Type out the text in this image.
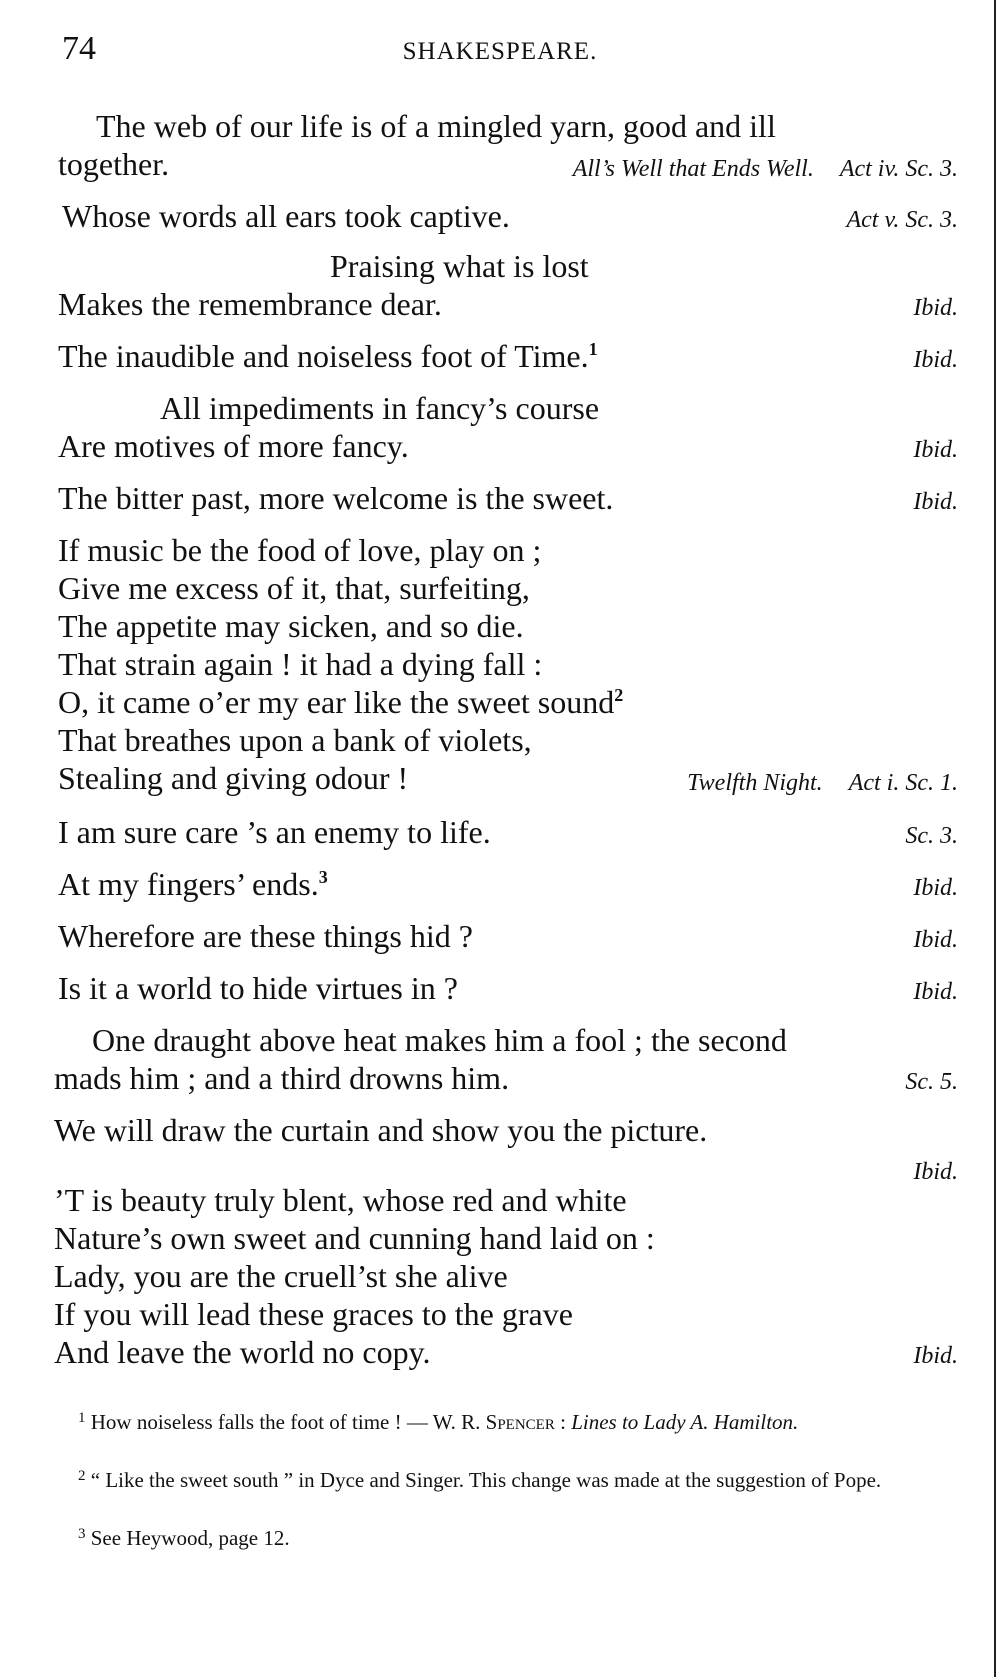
74	SHAKESPEARE.
The web of our life is of a mingled yarn, good and ill
together.	All’s Well that Ends Well. Act iv. Sc. 3.
Whose words all ears took captive.	Act v. Sc. 3.
Praising what is lost
Makes the remembrance dear.	Ibid.
The inaudible and noiseless foot of Time.$^1$	Ibid.
All impediments in fancy’s course
Are motives of more fancy.	Ibid.
The bitter past, more welcome is the sweet.	Ibid.
If music be the food of love, play on ;
Give me excess of it, that, surfeiting,
The appetite may sicken, and so die.
That strain again ! it had a dying fall :
O, it came o’er my ear like the sweet sound$^2$
That breathes upon a bank of violets,
Stealing and giving odour !	Twelfth Night. Act i. Sc. 1.
I am sure care ’s an enemy to life.	Sc. 3.
At my fingers’ ends.$^3$	Ibid.
Wherefore are these things hid ?	Ibid.
Is it a world to hide virtues in ?	Ibid.
One draught above heat makes him a fool ; the second
mads him ; and a third drowns him.	Sc. 5.
We will draw the curtain and show you the picture.
Ibid.
’T is beauty truly blent, whose red and white
Nature’s own sweet and cunning hand laid on :
Lady, you are the cruell’st she alive
If you will lead these graces to the grave
And leave the world no copy.	Ibid.
$^1$ How noiseless falls the foot of time ! — W. R. Spencer : Lines to Lady A. Hamilton.
$^2$ “ Like the sweet south ” in Dyce and Singer. This change was made at the suggestion of Pope.
$^3$ See Heywood, page 12.
